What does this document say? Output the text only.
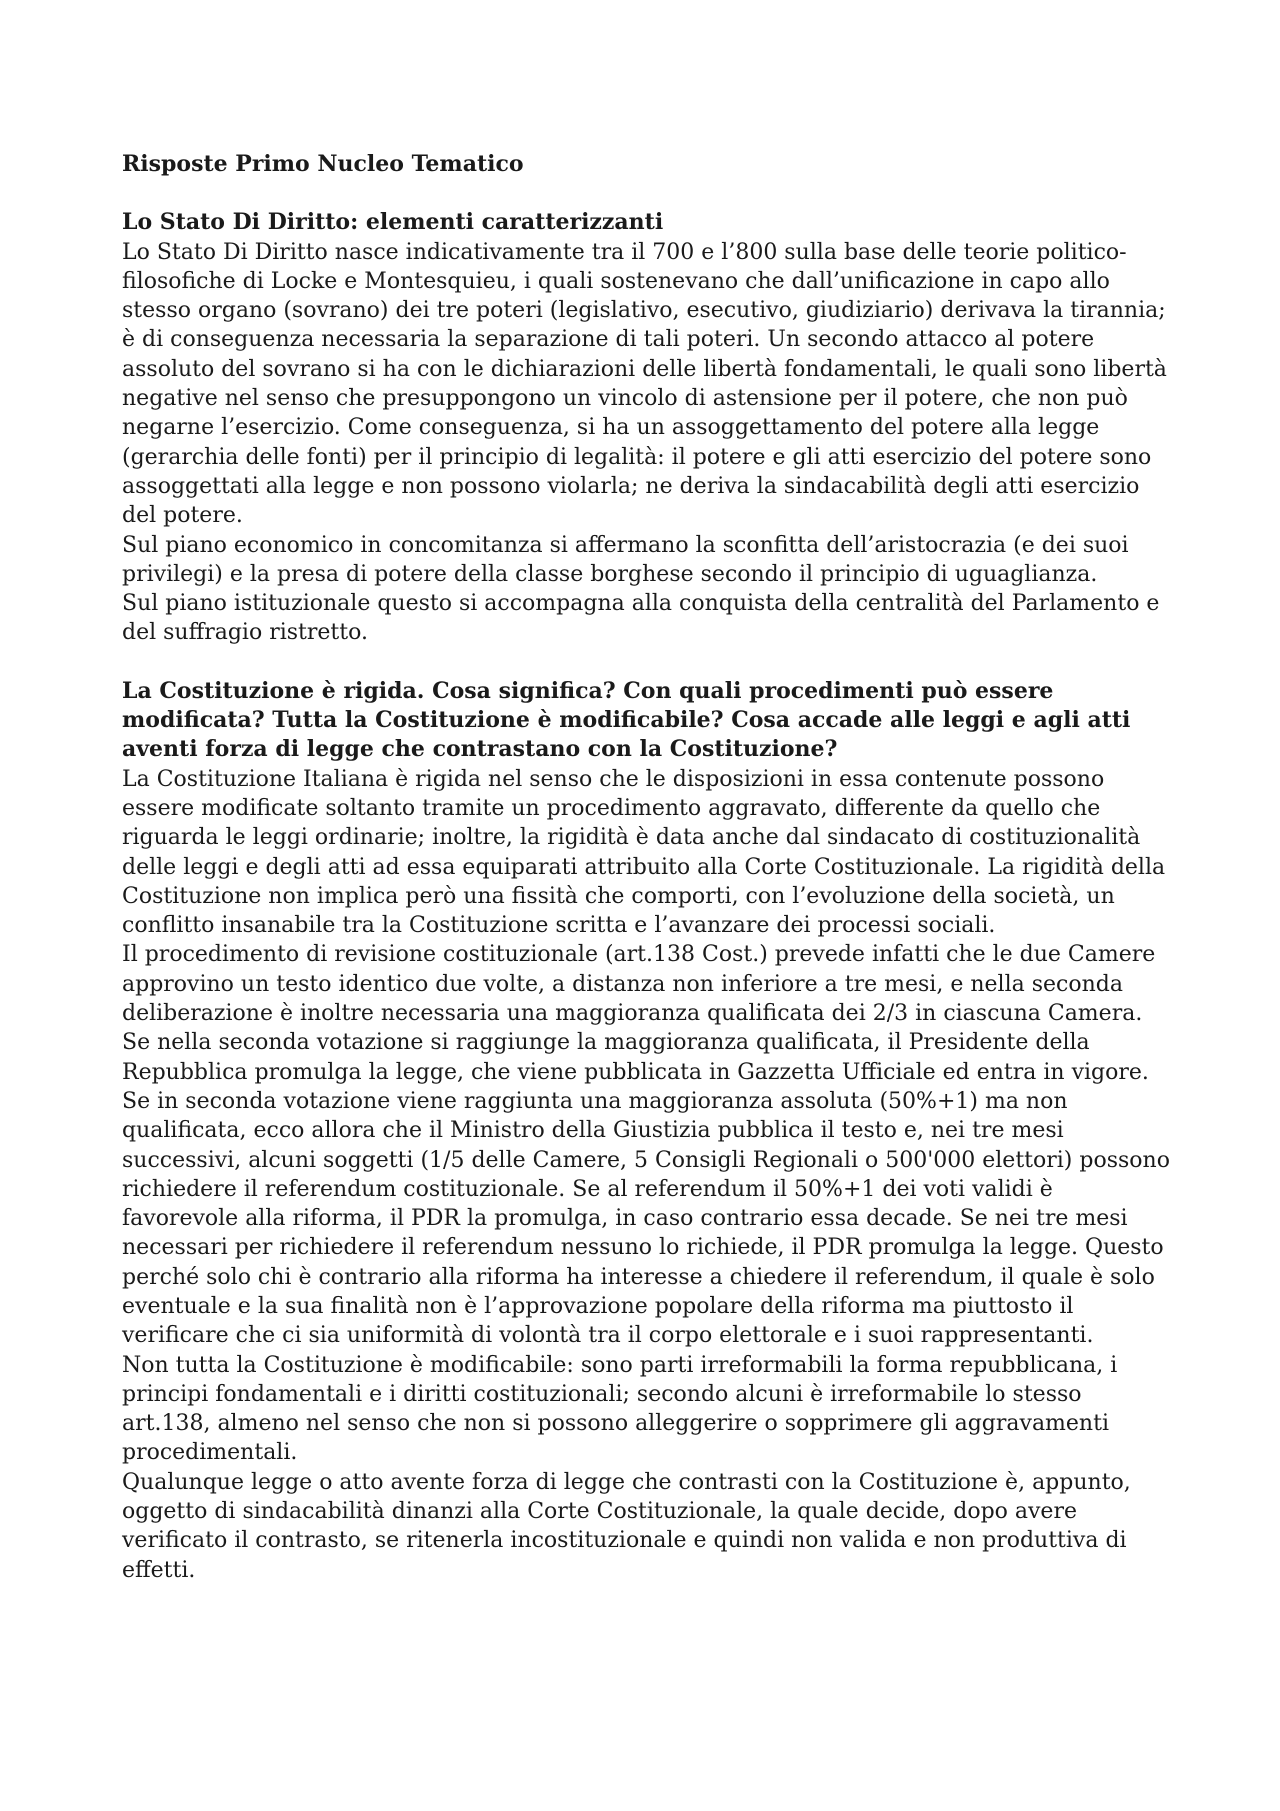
Risposte Primo Nucleo Tematico

Lo Stato Di Diritto: elementi caratterizzanti

Lo Stato Di Diritto nasce indicativamente tra il 700 e l’800 sulla base delle teorie politico-filosofiche di Locke e Montesquieu, i quali sostenevano che dall’unificazione in capo allo stesso organo (sovrano) dei tre poteri (legislativo, esecutivo, giudiziario) derivava la tirannia; è di conseguenza necessaria la separazione di tali poteri. Un secondo attacco al potere assoluto del sovrano si ha con le dichiarazioni delle libertà fondamentali, le quali sono libertà negative nel senso che presuppongono un vincolo di astensione per il potere, che non può negarne l’esercizio. Come conseguenza, si ha un assoggettamento del potere alla legge (gerarchia delle fonti) per il principio di legalità: il potere e gli atti esercizio del potere sono assoggettati alla legge e non possono violarla; ne deriva la sindacabilità degli atti esercizio del potere.

Sul piano economico in concomitanza si affermano la sconfitta dell’aristocrazia (e dei suoi privilegi) e la presa di potere della classe borghese secondo il principio di uguaglianza.

Sul piano istituzionale questo si accompagna alla conquista della centralità del Parlamento e del suffragio ristretto.

La Costituzione è rigida. Cosa significa? Con quali procedimenti può essere modificata? Tutta la Costituzione è modificabile? Cosa accade alle leggi e agli atti aventi forza di legge che contrastano con la Costituzione?

La Costituzione Italiana è rigida nel senso che le disposizioni in essa contenute possono essere modificate soltanto tramite un procedimento aggravato, differente da quello che riguarda le leggi ordinarie; inoltre, la rigidità è data anche dal sindacato di costituzionalità delle leggi e degli atti ad essa equiparati attribuito alla Corte Costituzionale. La rigidità della Costituzione non implica però una fissità che comporti, con l’evoluzione della società, un conflitto insanabile tra la Costituzione scritta e l’avanzare dei processi sociali.

Il procedimento di revisione costituzionale (art.138 Cost.) prevede infatti che le due Camere approvino un testo identico due volte, a distanza non inferiore a tre mesi, e nella seconda deliberazione è inoltre necessaria una maggioranza qualificata dei 2/3 in ciascuna Camera. Se nella seconda votazione si raggiunge la maggioranza qualificata, il Presidente della Repubblica promulga la legge, che viene pubblicata in Gazzetta Ufficiale ed entra in vigore. Se in seconda votazione viene raggiunta una maggioranza assoluta (50%+1) ma non qualificata, ecco allora che il Ministro della Giustizia pubblica il testo e, nei tre mesi successivi, alcuni soggetti (1/5 delle Camere, 5 Consigli Regionali o 500'000 elettori) possono richiedere il referendum costituzionale. Se al referendum il 50%+1 dei voti validi è favorevole alla riforma, il PDR la promulga, in caso contrario essa decade. Se nei tre mesi necessari per richiedere il referendum nessuno lo richiede, il PDR promulga la legge. Questo perché solo chi è contrario alla riforma ha interesse a chiedere il referendum, il quale è solo eventuale e la sua finalità non è l’approvazione popolare della riforma ma piuttosto il verificare che ci sia uniformità di volontà tra il corpo elettorale e i suoi rappresentanti.

Non tutta la Costituzione è modificabile: sono parti irreformabili la forma repubblicana, i principi fondamentali e i diritti costituzionali; secondo alcuni è irreformabile lo stesso art.138, almeno nel senso che non si possono alleggerire o sopprimere gli aggravamenti procedimentali.

Qualunque legge o atto avente forza di legge che contrasti con la Costituzione è, appunto, oggetto di sindacabilità dinanzi alla Corte Costituzionale, la quale decide, dopo avere verificato il contrasto, se ritenerla incostituzionale e quindi non valida e non produttiva di effetti.
